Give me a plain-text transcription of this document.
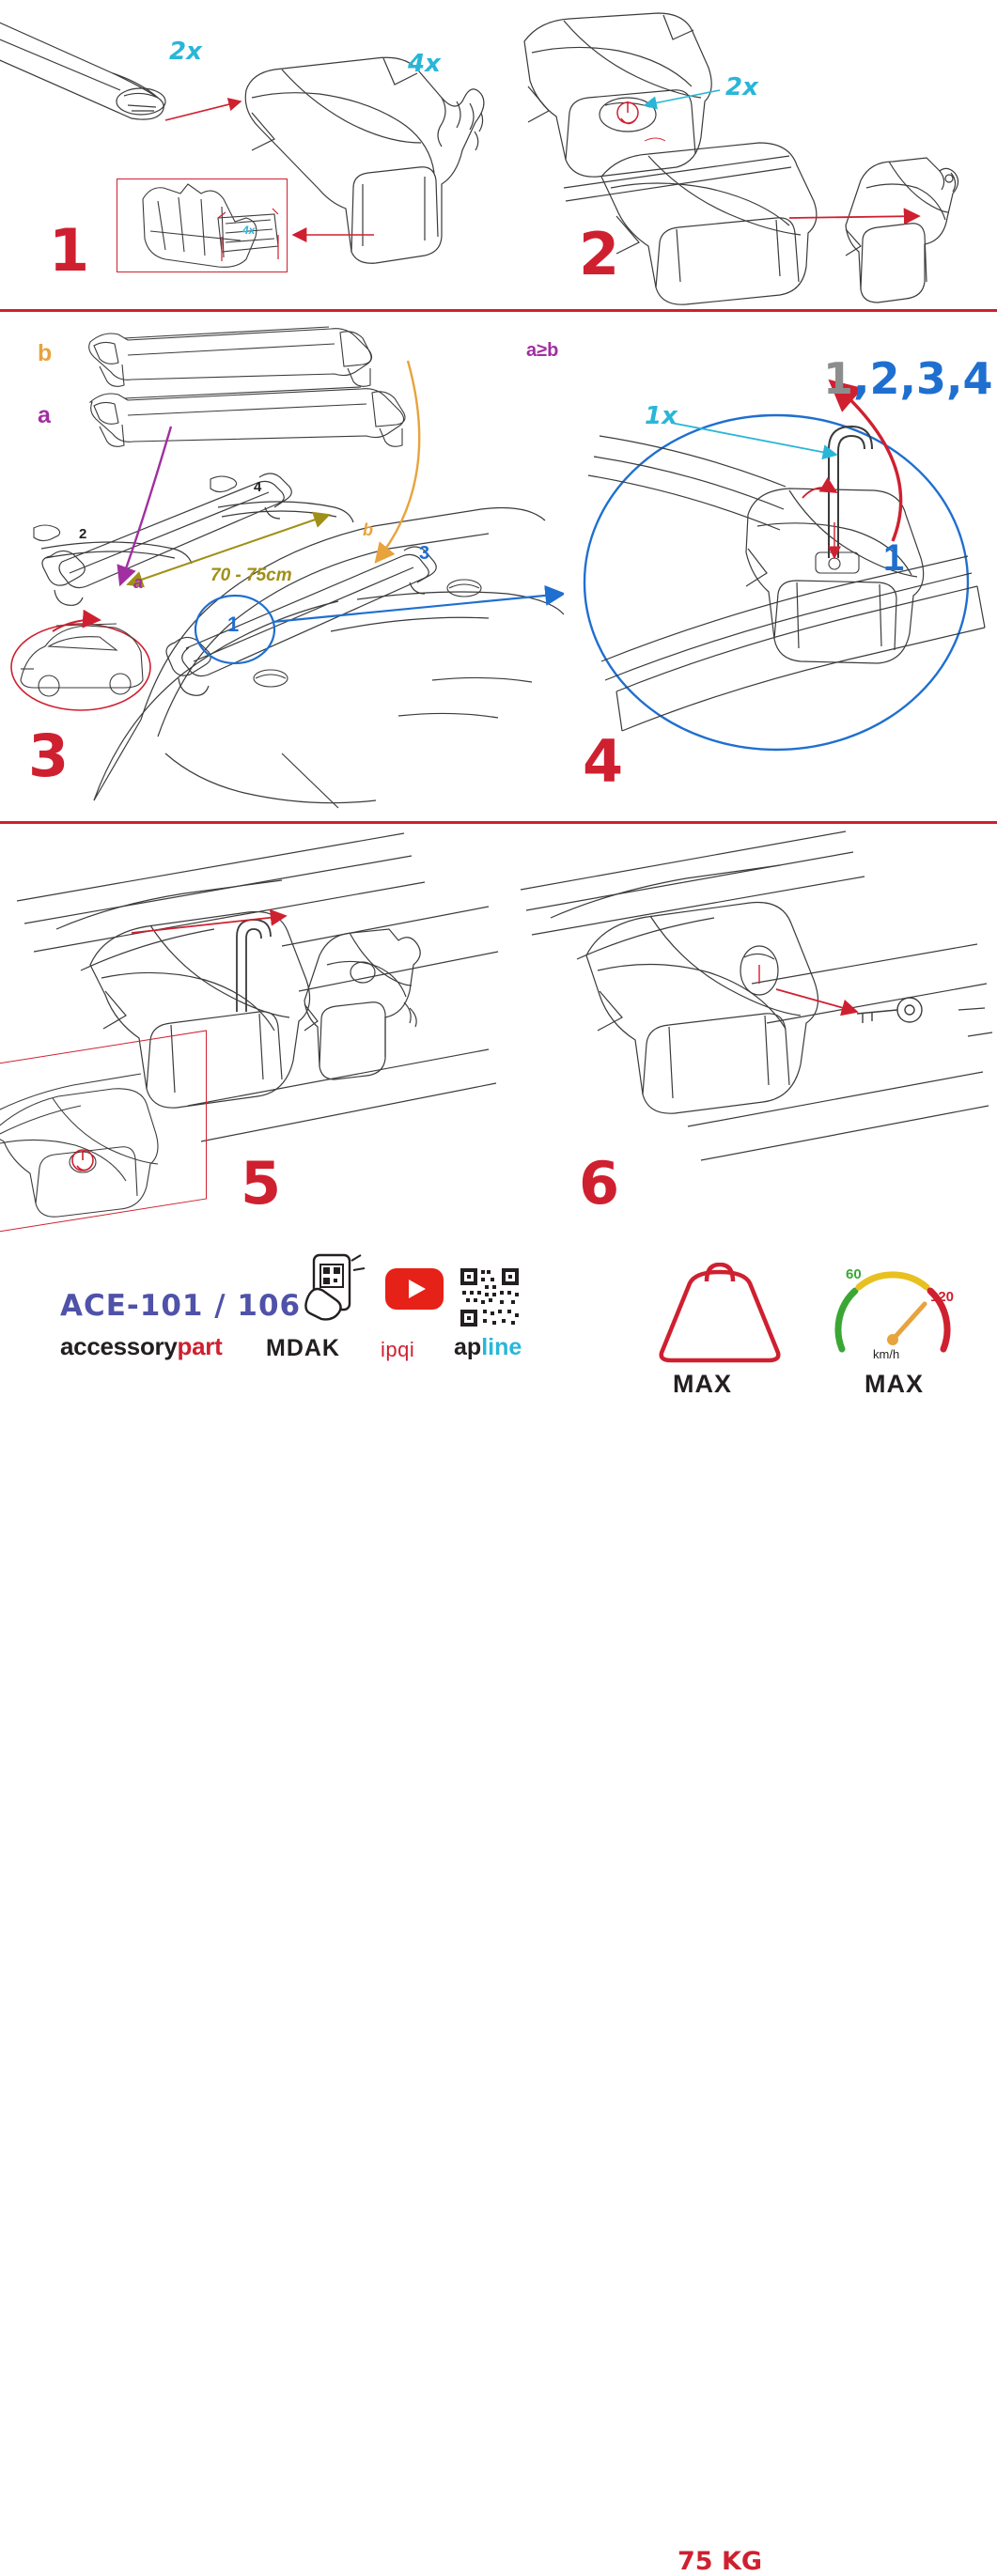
2x	4x
4x
1
2x
2
b
a
a
b
70 - 75cm
1
2
3
4
3
1x
1
1,2,3,4
a≥b
4
5	6
ACE-101 / 106
accessorypart MDAK ipqi apline
75 KG
MAX
60
120
km/h
MAX
